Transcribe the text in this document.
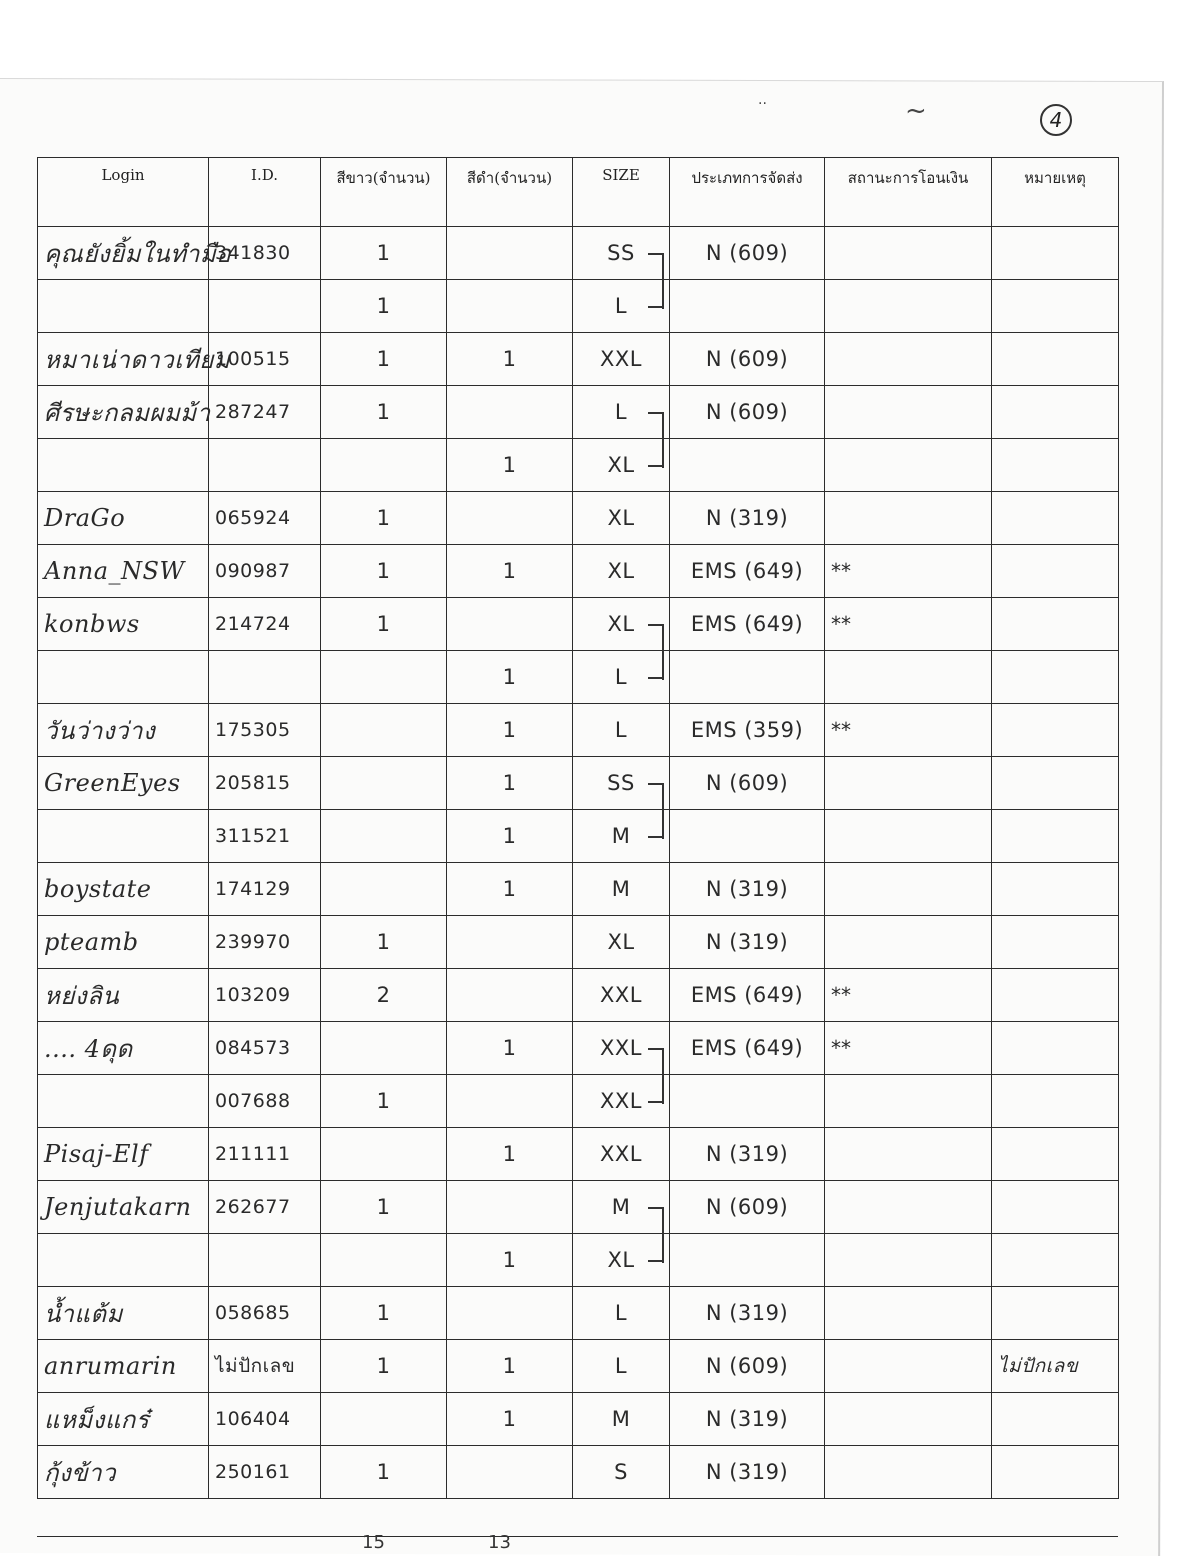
..	~	4
Login	I.D.	สีขาว(จำนวน)	สีดำ(จำนวน)	SIZE	ประเภทการจัดส่ง	สถานะการโอนเงิน	หมายเหตุ
คุณยังยิ้มในทำมือ	341830	1		SS	N (609)

		1		L	

หมาเน่าดาวเทียม	100515	1	1	XXL	N (609)		
ศีรษะกลมผมม้า	287247	1		L	N (609)

			1	XL	

DraGo	065924	1		XL	N (319)		
Anna_NSW	090987	1	1	XL	EMS (649)	**	
konbws	214724	1		XL	EMS (649)	**	
			1	L	

วันว่างว่าง	175305		1	L	EMS (359)	**	
GreenEyes	205815		1	SS	N (609)

	311521		1	M	

boystate	174129		1	M	N (319)		
pteamb	239970	1		XL	N (319)		
หย่งลิน	103209	2		XXL	EMS (649)	**	
.... 4ดุด	084573		1	XXL	EMS (649)	**	
	007688	1		XXL	

Pisaj-Elf	211111		1	XXL	N (319)		
Jenjutakarn	262677	1		M	N (609)

			1	XL	

น้ำแต้ม	058685	1		L	N (319)		
anrumarin	ไม่ปักเลข	1	1	L	N (609)		ไม่ปักเลข
แหม็งแกร๋	106404		1	M	N (319)		
กุ้งข้าว	250161	1		S	N (319)		
15	13
